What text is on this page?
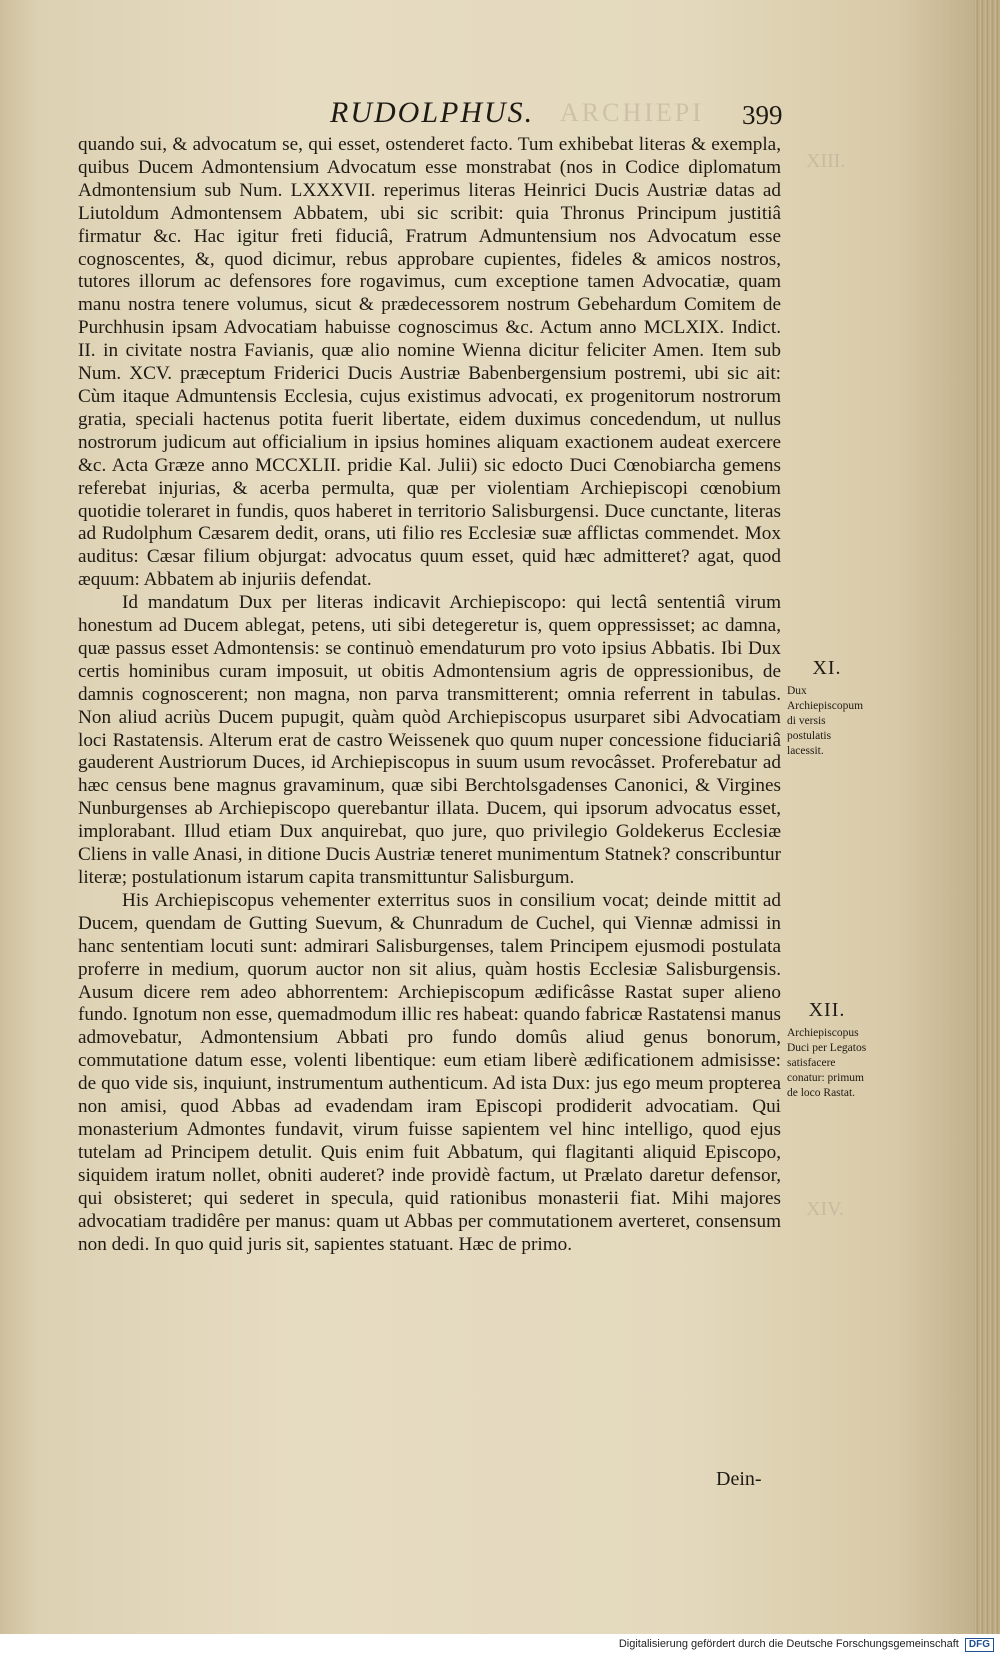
ARCHIEPI
XIII.
XIV.
RUDOLPHUS.	399

quando sui, & advocatum se, qui esset, ostenderet facto. Tum exhibebat literas & exempla, quibus Ducem Admontensium Advocatum esse monstrabat (nos in Codice diplomatum Admontensium sub Num. LXXXVII. reperimus literas Heinrici Ducis Austriæ datas ad Liutoldum Admontensem Abbatem, ubi sic scribit: quia Thronus Principum justitiâ firmatur &c. Hac igitur freti fiduciâ, Fratrum Admuntensium nos Advocatum esse cognoscentes, &, quod dicimur, rebus approbare cupientes, fideles & amicos nostros, tutores illorum ac defensores fore rogavimus, cum exceptione tamen Advocatiæ, quam manu nostra tenere volumus, sicut & prædecessorem nostrum Gebehardum Comitem de Purchhusin ipsam Advocatiam habuisse cognoscimus &c. Actum anno MCLXIX. Indict. II. in civitate nostra Favianis, quæ alio nomine Wienna dicitur feliciter Amen. Item sub Num. XCV. præceptum Friderici Ducis Austriæ Babenbergensium postremi, ubi sic ait: Cùm itaque Admuntensis Ecclesia, cujus existimus advocati, ex progenitorum nostrorum gratia, speciali hactenus potita fuerit libertate, eidem duximus concedendum, ut nullus nostrorum judicum aut officialium in ipsius homines aliquam exactionem audeat exercere &c. Acta Græze anno MCCXLII. pridie Kal. Julii) sic edocto Duci Cœnobiarcha gemens referebat injurias, & acerba permulta, quæ per violentiam Archiepiscopi cœnobium quotidie toleraret in fundis, quos haberet in territorio Salisburgensi. Duce cunctante, literas ad Rudolphum Cæsarem dedit, orans, uti filio res Ecclesiæ suæ afflictas commendet. Mox auditus: Cæsar filium objurgat: advocatus quum esset, quid hæc admitteret? agat, quod æquum: Abbatem ab injuriis defendat.

Id mandatum Dux per literas indicavit Archiepiscopo: qui lectâ sententiâ virum honestum ad Ducem ablegat, petens, uti sibi detegeretur is, quem oppressisset; ac damna, quæ passus esset Admontensis: se continuò emendaturum pro voto ipsius Abbatis. Ibi Dux certis hominibus curam imposuit, ut obitis Admontensium agris de oppressionibus, de damnis cognoscerent; non magna, non parva transmitterent; omnia referrent in tabulas. Non aliud acriùs Ducem pupugit, quàm quòd Archiepiscopus usurparet sibi Advocatiam loci Rastatensis. Alterum erat de castro Weissenek quo quum nuper concessione fiduciariâ gauderent Austriorum Duces, id Archiepiscopus in suum usum revocâsset. Proferebatur ad hæc census bene magnus gravaminum, quæ sibi Berchtolsgadenses Canonici, & Virgines Nunburgenses ab Archiepiscopo querebantur illata. Ducem, qui ipsorum advocatus esset, implorabant. Illud etiam Dux anquirebat, quo jure, quo privilegio Goldekerus Ecclesiæ Cliens in valle Anasi, in ditione Ducis Austriæ teneret munimentum Statnek? conscribuntur literæ; postulationum istarum capita transmittuntur Salisburgum.

His Archiepiscopus vehementer exterritus suos in consilium vocat; deinde mittit ad Ducem, quendam de Gutting Suevum, & Chunradum de Cuchel, qui Viennæ admissi in hanc sententiam locuti sunt: admirari Salisburgenses, talem Principem ejusmodi postulata proferre in medium, quorum auctor non sit alius, quàm hostis Ecclesiæ Salisburgensis. Ausum dicere rem adeo abhorrentem: Archiepiscopum ædificâsse Rastat super alieno fundo. Ignotum non esse, quemadmodum illic res habeat: quando fabricæ Rastatensi manus admovebatur, Admontensium Abbati pro fundo domûs aliud genus bonorum, commutatione datum esse, volenti libentique: eum etiam liberè ædificationem admisisse: de quo vide sis, inquiunt, instrumentum authenticum. Ad ista Dux: jus ego meum propterea non amisi, quod Abbas ad evadendam iram Episcopi prodiderit advocatiam. Qui monasterium Admontes fundavit, virum fuisse sapientem vel hinc intelligo, quod ejus tutelam ad Principem detulit. Quis enim fuit Abbatum, qui flagitanti aliquid Episcopo, siquidem iratum nollet, obniti auderet? inde providè factum, ut Prælato daretur defensor, qui obsisteret; qui sederet in specula, quid rationibus monasterii fiat. Mihi majores advocatiam tradidêre per manus: quam ut Abbas per commutationem averteret, consensum non dedi. In quo quid juris sit, sapientes statuant. Hæc de primo.

XI.
Dux Archiepiscopum di versis postulatis lacessit.
XII.
Archiepiscopus Duci per Legatos satisfacere conatur: primum de loco Rastat.
Dein-
Digitalisierung gefördert durch die Deutsche Forschungsgemeinschaft DFG
